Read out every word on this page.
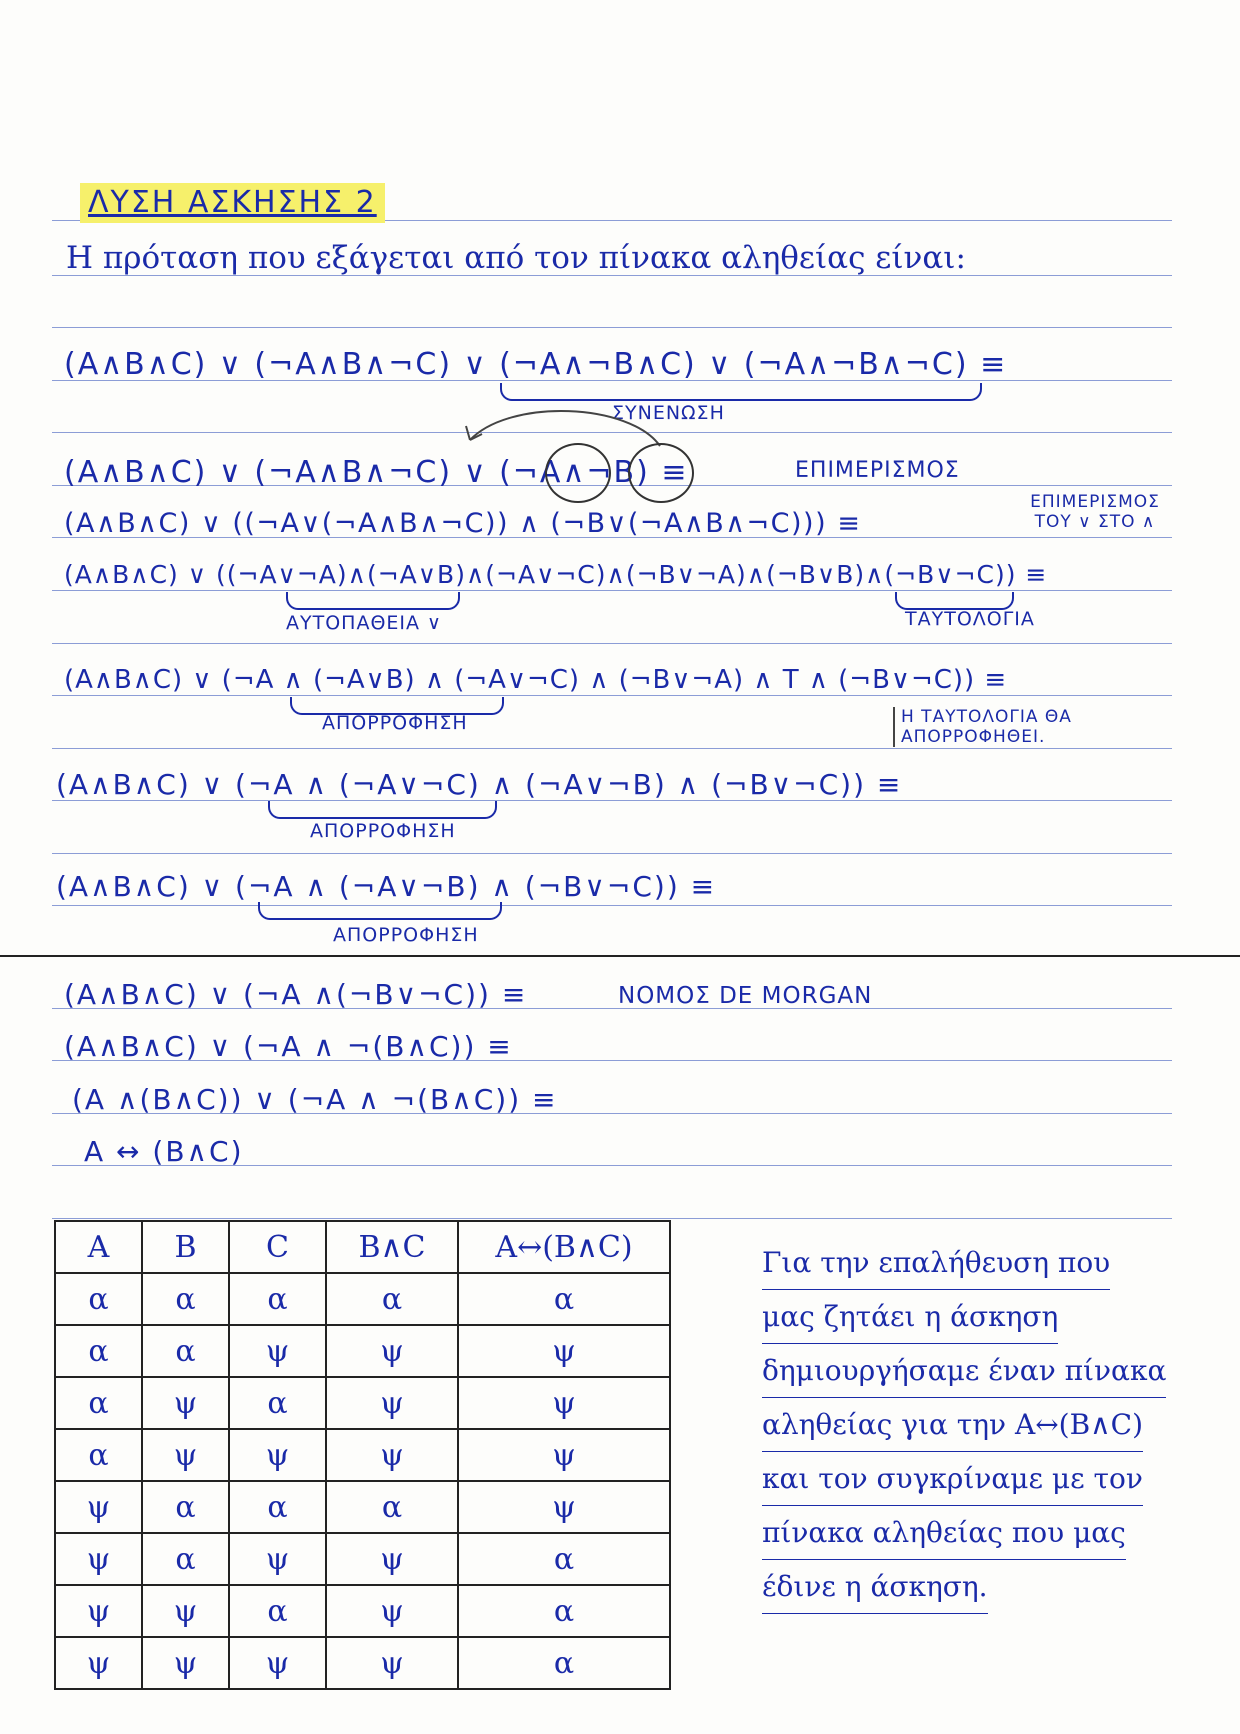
ΛΥΣΗ ΑΣΚΗΣΗΣ 2
Η πρόταση που εξάγεται από τον πίνακα αληθείας είναι:
(Α∧Β∧C) ∨ (¬Α∧Β∧¬C) ∨ (¬Α∧¬Β∧C) ∨ (¬Α∧¬Β∧¬C) ≡
ΣΥΝΕΝΩΣΗ
(Α∧Β∧C) ∨ (¬Α∧Β∧¬C) ∨ (¬Α∧¬Β) ≡	ΕΠΙΜΕΡΙΣΜΟΣ
(Α∧Β∧C) ∨ ((¬Α∨(¬Α∧Β∧¬C)) ∧ (¬Β∨(¬Α∧Β∧¬C))) ≡
ΕΠΙΜΕΡΙΣΜΟΣ ΤΟΥ ∨ ΣΤΟ ∧
(Α∧Β∧C) ∨ ((¬Α∨¬Α)∧(¬Α∨Β)∧(¬Α∨¬C)∧(¬Β∨¬Α)∧(¬Β∨Β)∧(¬Β∨¬C)) ≡
ΑΥΤΟΠΑΘΕΙΑ ∨	ΤΑΥΤΟΛΟΓΙΑ
(Α∧Β∧C) ∨ (¬Α ∧ (¬Α∨Β) ∧ (¬Α∨¬C) ∧ (¬Β∨¬Α) ∧ T ∧ (¬Β∨¬C)) ≡
ΑΠΟΡΡΟΦΗΣΗ	Η ΤΑΥΤΟΛΟΓΙΑ ΘΑ ΑΠΟΡΡΟΦΗΘΕΙ.
(Α∧Β∧C) ∨ (¬Α ∧ (¬Α∨¬C) ∧ (¬Α∨¬Β) ∧ (¬Β∨¬C)) ≡
ΑΠΟΡΡΟΦΗΣΗ
(Α∧Β∧C) ∨ (¬Α ∧ (¬Α∨¬Β) ∧ (¬Β∨¬C)) ≡
ΑΠΟΡΡΟΦΗΣΗ
(Α∧Β∧C) ∨ (¬Α ∧(¬Β∨¬C)) ≡	ΝΟΜΟΣ DE MORGAN
(Α∧Β∧C) ∨ (¬Α ∧ ¬(Β∧C)) ≡
(Α ∧(Β∧C)) ∨ (¬Α ∧ ¬(Β∧C)) ≡
Α ↔ (Β∧C)
Α	Β	C	Β∧C	Α↔(Β∧C)
α	α	α	α	α
α	α	ψ	ψ	ψ
α	ψ	α	ψ	ψ
α	ψ	ψ	ψ	ψ
ψ	α	α	α	ψ
ψ	α	ψ	ψ	α
ψ	ψ	α	ψ	α
ψ	ψ	ψ	ψ	α
Για την επαλήθευση που
μας ζητάει η άσκηση
δημιουργήσαμε έναν πίνακα
αληθείας για την Α↔(Β∧C)
και τον συγκρίναμε με τον
πίνακα αληθείας που μας
έδινε η άσκηση.
